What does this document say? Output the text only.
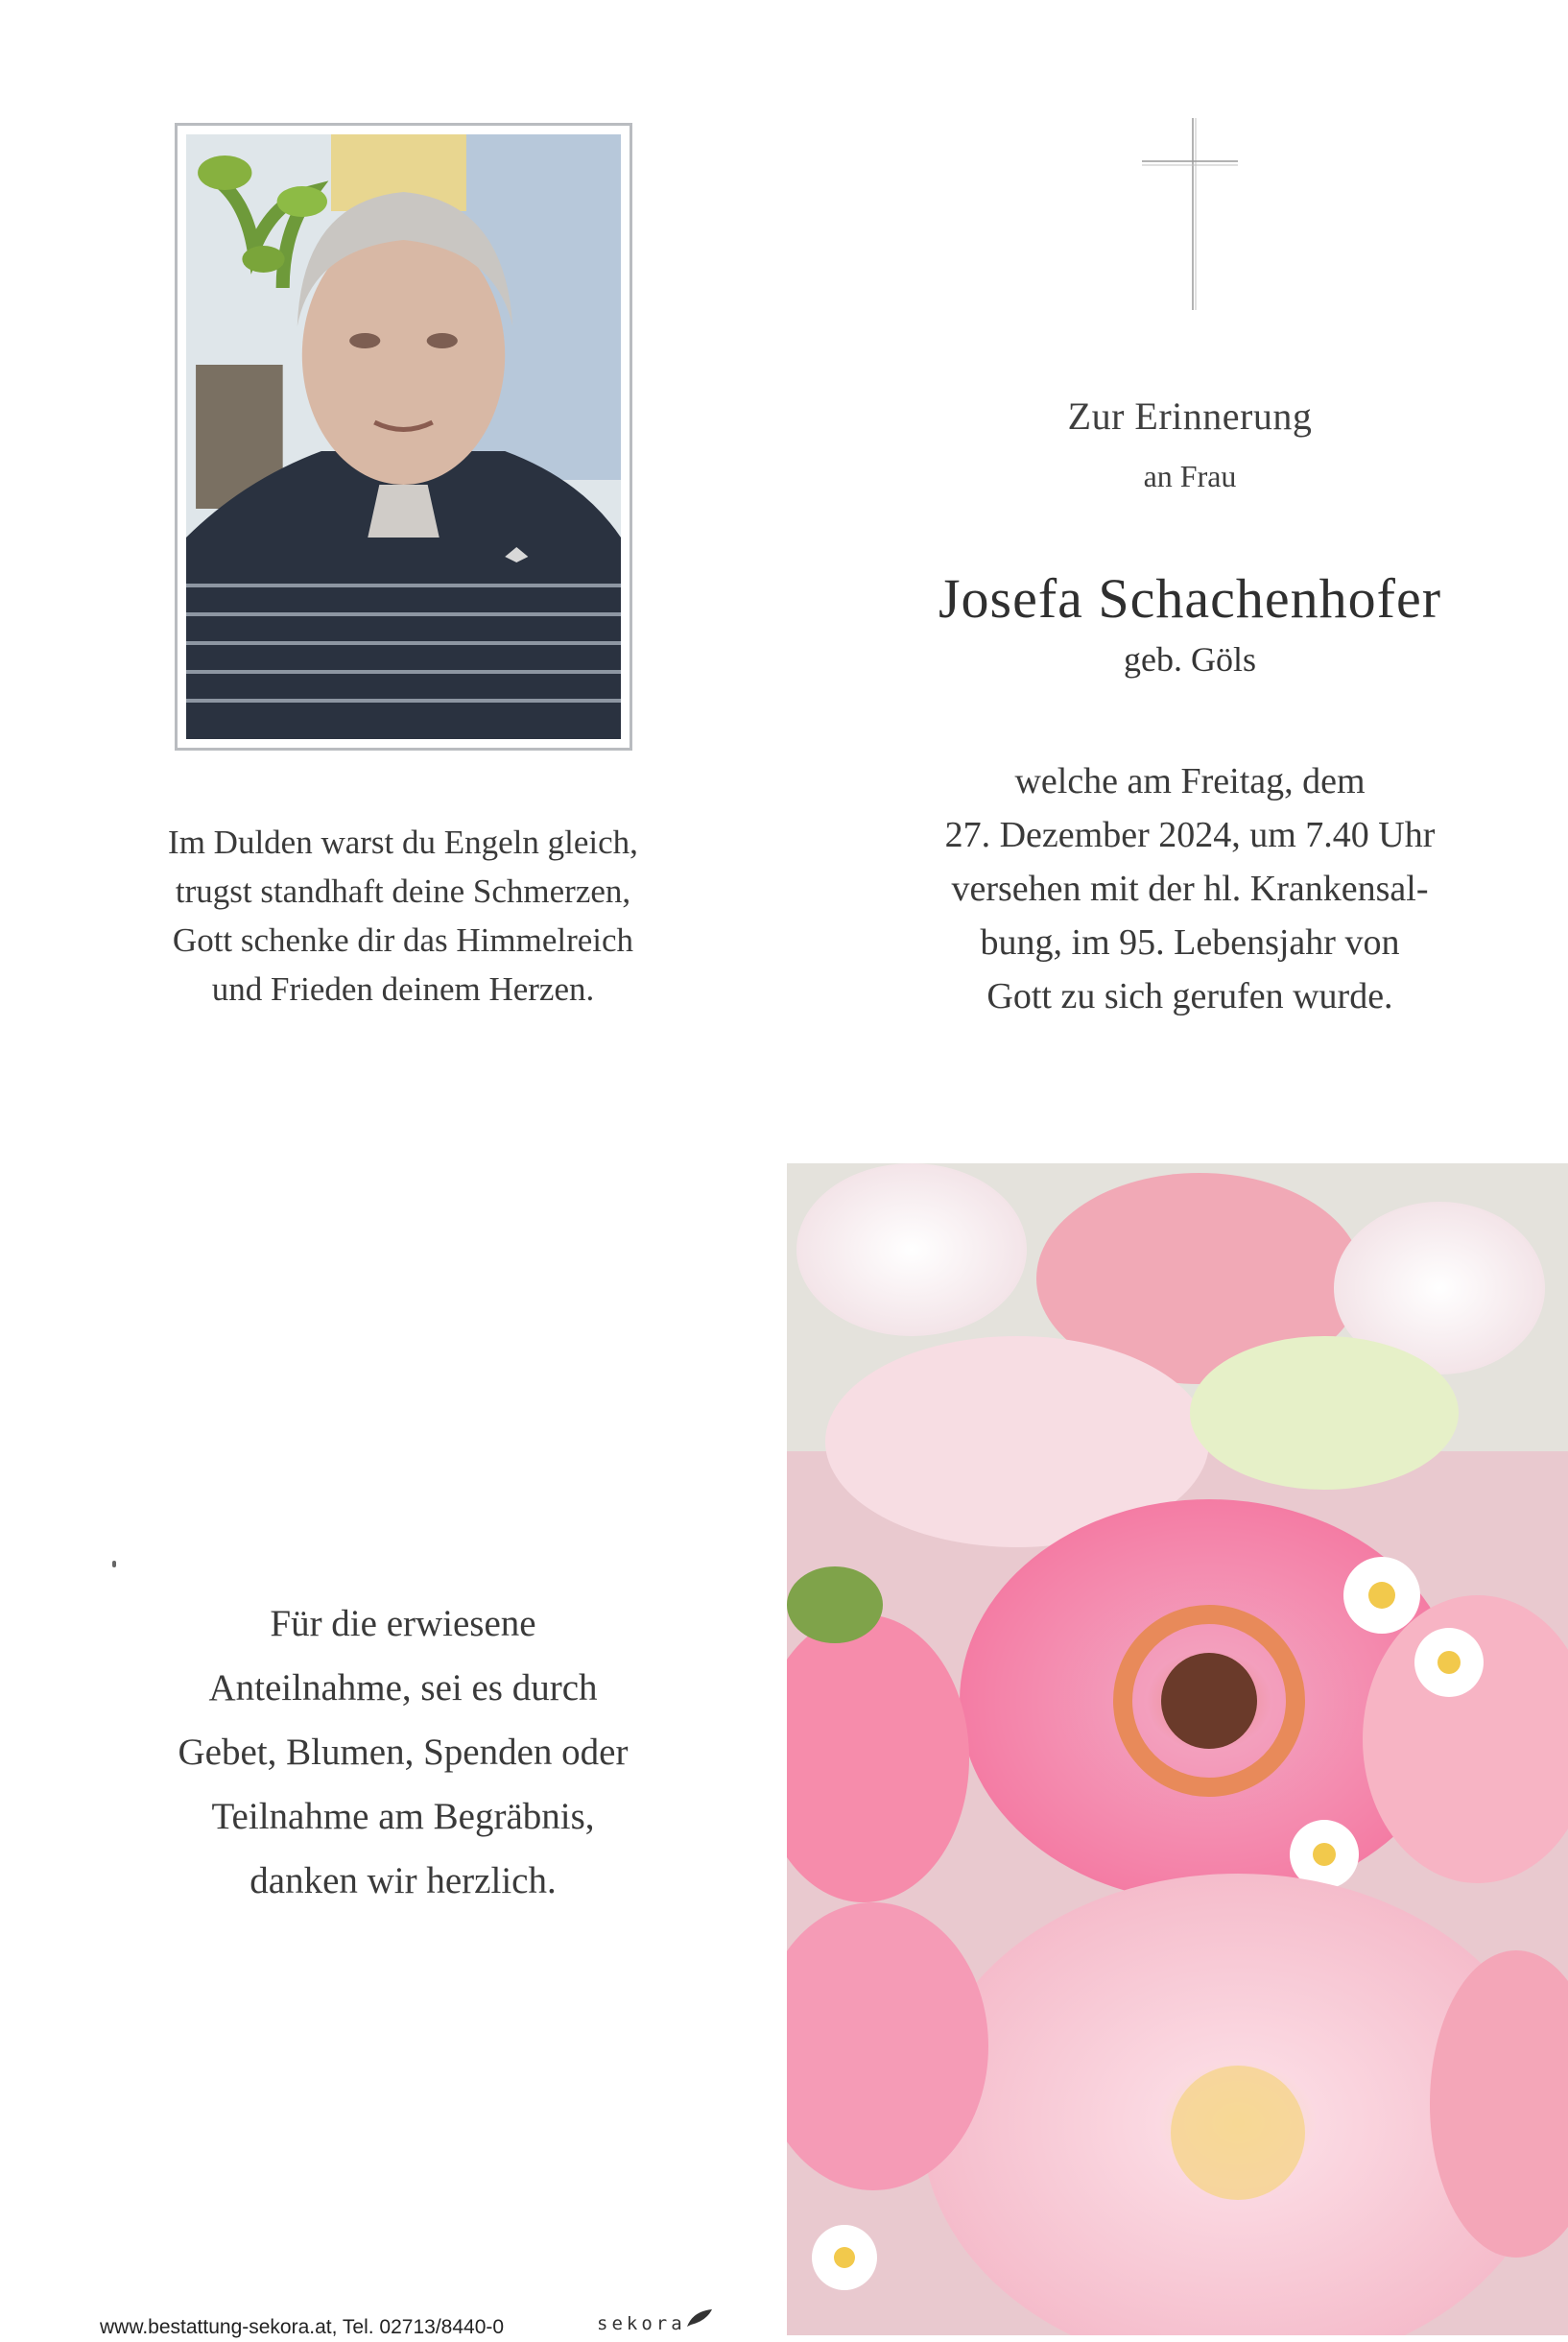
Zur Erinnerung
an Frau
Josefa Schachenhofer
geb. Göls
welche am Freitag, dem
27. Dezember 2024, um 7.40 Uhr
versehen mit der hl. Krankensal-
bung, im 95. Lebensjahr von
Gott zu sich gerufen wurde.
Im Dulden warst du Engeln gleich,
trugst standhaft deine Schmerzen,
Gott schenke dir das Himmelreich
und Frieden deinem Herzen.
Für die erwiesene
Anteilnahme, sei es durch
Gebet, Blumen, Spenden oder
Teilnahme am Begräbnis,
danken wir herzlich.
www.bestattung-sekora.at, Tel. 02713/8440-0	sekora
